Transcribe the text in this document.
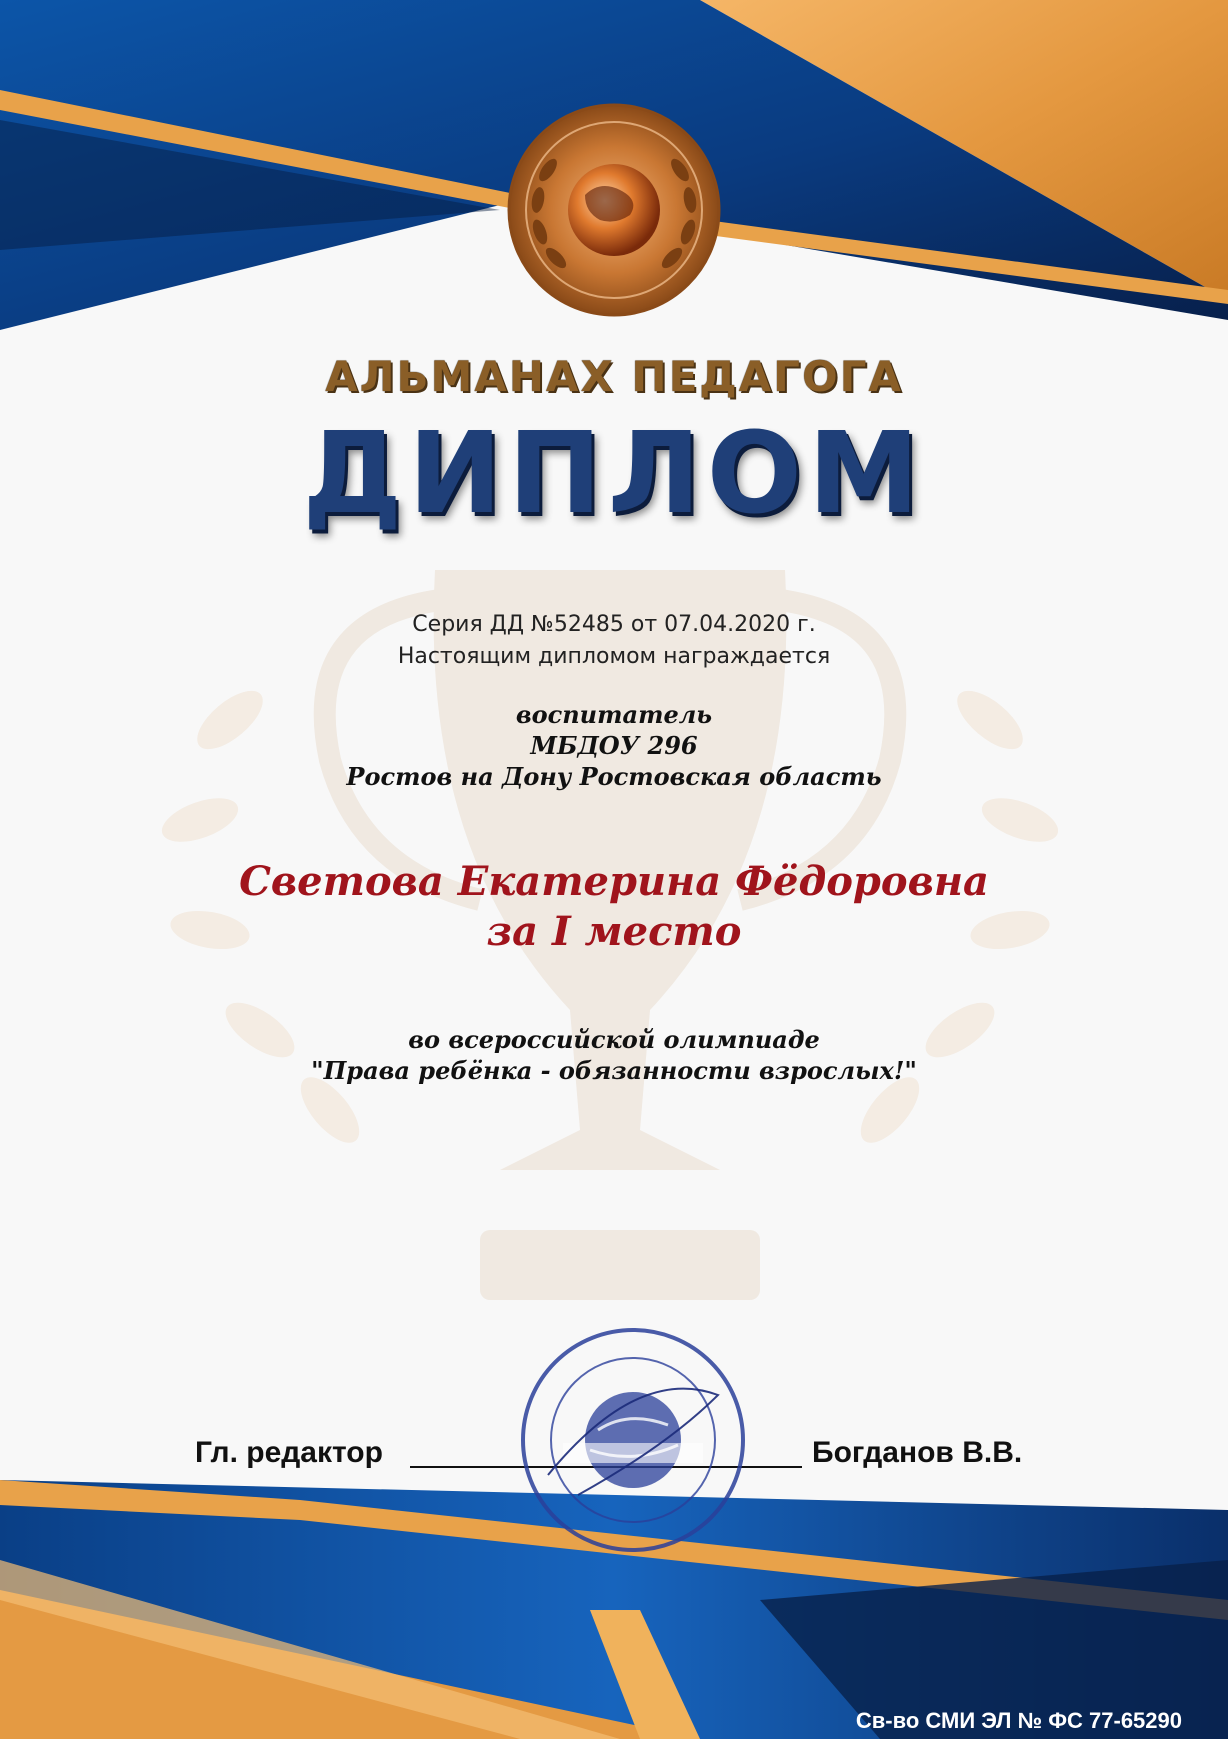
АЛЬМАНАХ ПЕДАГОГА
ДИПЛОМ
Серия ДД №52485 от 07.04.2020 г.
Настоящим дипломом награждается
воспитатель
МБДОУ 296
Ростов на Дону Ростовская область
Светова Екатерина Фёдоровна
за I место
во всероссийской олимпиаде
"Права ребёнка - обязанности взрослых!"
Гл. редактор	Богданов В.В.
Св-во СМИ ЭЛ № ФС 77-65290
